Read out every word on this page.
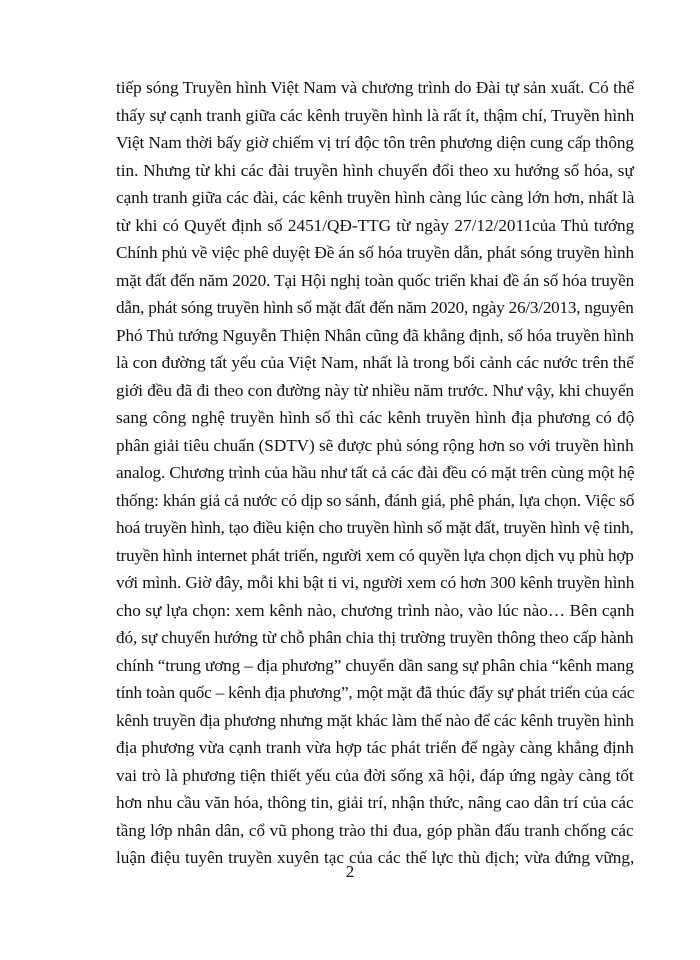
tiếp sóng Truyền hình Việt Nam và chương trình do Đài tự sản xuất. Có thể
thấy sự cạnh tranh giữa các kênh truyền hình là rất ít, thậm chí, Truyền hình
Việt Nam thời bấy giờ chiếm vị trí độc tôn trên phương diện cung cấp thông
tin. Nhưng từ khi các đài truyền hình chuyển đổi theo xu hướng số hóa, sự
cạnh tranh giữa các đài, các kênh truyền hình càng lúc càng lớn hơn, nhất là
từ khi có Quyết định số 2451/QĐ-TTG từ ngày 27/12/2011của Thủ tướng
Chính phủ về việc phê duyệt Đề án số hóa truyền dẫn, phát sóng truyền hình
mặt đất đến năm 2020. Tại Hội nghị toàn quốc triển khai đề án số hóa truyền
dẫn, phát sóng truyền hình số mặt đất đến năm 2020, ngày 26/3/2013, nguyên
Phó Thủ tướng Nguyễn Thiện Nhân cũng đã khẳng định, số hóa truyền hình
là con đường tất yếu của Việt Nam, nhất là trong bối cảnh các nước trên thế
giới đều đã đi theo con đường này từ nhiều năm trước. Như vậy, khi chuyển
sang công nghệ truyền hình số thì các kênh truyền hình địa phương có độ
phân giải tiêu chuẩn (SDTV) sẽ được phủ sóng rộng hơn so với truyền hình
analog. Chương trình của hầu như tất cả các đài đều có mặt trên cùng một hệ
thống: khán giả cả nước có dịp so sánh, đánh giá, phê phán, lựa chọn. Việc số
hoá truyền hình, tạo điều kiện cho truyền hình số mặt đất, truyền hình vệ tinh,
truyền hình internet phát triển, người xem có quyền lựa chọn dịch vụ phù hợp
với mình. Giờ đây, mỗi khi bật ti vi, người xem có hơn 300 kênh truyền hình
cho sự lựa chọn: xem kênh nào, chương trình nào, vào lúc nào… Bên cạnh
đó, sự chuyển hướng từ chỗ phân chia thị trường truyền thông theo cấp hành
chính “trung ương – địa phương” chuyển dần sang sự phân chia “kênh mang
tính toàn quốc – kênh địa phương”, một mặt đã thúc đẩy sự phát triển của các
kênh truyền địa phương nhưng mặt khác làm thế nào để các kênh truyền hình
địa phương vừa cạnh tranh vừa hợp tác phát triển để ngày càng khẳng định
vai trò là phương tiện thiết yếu của đời sống xã hội, đáp ứng ngày càng tốt
hơn nhu cầu văn hóa, thông tin, giải trí, nhận thức, nâng cao dân trí của các
tầng lớp nhân dân, cổ vũ phong trào thi đua, góp phần đấu tranh chống các
luận điệu tuyên truyền xuyên tạc của các thế lực thù địch; vừa đứng vững,
2
